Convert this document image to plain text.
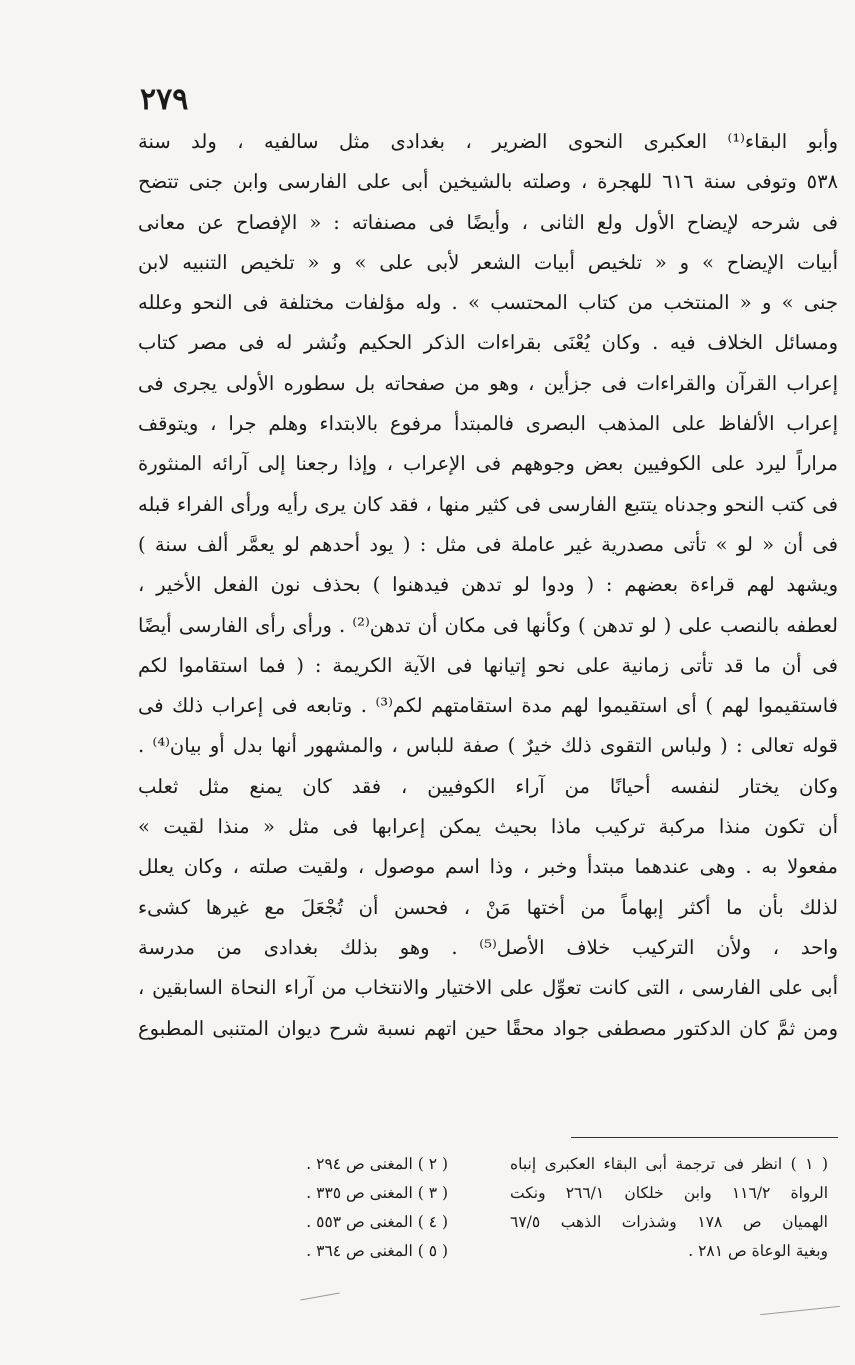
٢٧٩
وأبو البقاء⁽¹⁾ العكبرى النحوى الضرير ، بغدادى مثل سالفيه ، ولد سنة
٥٣٨ وتوفى سنة ٦١٦ للهجرة ، وصلته بالشيخين أبى على الفارسى وابن جنى تتضح
فى شرحه لإيضاح الأول ولع الثانى ، وأيضًا فى مصنفاته : « الإفصاح عن معانى
أبيات الإيضاح » و « تلخيص أبيات الشعر لأبى على » و « تلخيص التنبيه لابن
جنى » و « المنتخب من كتاب المحتسب » . وله مؤلفات مختلفة فى النحو وعلله
ومسائل الخلاف فيه . وكان يُعْنَى بقراءات الذكر الحكيم ونُشر له فى مصر كتاب
إعراب القرآن والقراءات فى جزأين ، وهو من صفحاته بل سطوره الأولى يجرى فى
إعراب الألفاظ على المذهب البصرى فالمبتدأ مرفوع بالابتداء وهلم جرا ، ويتوقف
مراراً ليرد على الكوفيين بعض وجوههم فى الإعراب ، وإذا رجعنا إلى آرائه المنثورة
فى كتب النحو وجدناه يتتبع الفارسى فى كثير منها ، فقد كان يرى رأيه ورأى الفراء قبله
فى أن « لو » تأتى مصدرية غير عاملة فى مثل : ( يود أحدهم لو يعمَّر ألف سنة )
ويشهد لهم قراءة بعضهم : ( ودوا لو تدهن فيدهنوا ) بحذف نون الفعل الأخير ،
لعطفه بالنصب على ( لو تدهن ) وكأنها فى مكان أن تدهن⁽²⁾ . ورأى رأى الفارسى أيضًا
فى أن ما قد تأتى زمانية على نحو إتيانها فى الآية الكريمة : ( فما استقاموا لكم
فاستقيموا لهم ) أى استقيموا لهم مدة استقامتهم لكم⁽³⁾ . وتابعه فى إعراب ذلك فى
قوله تعالى : ( ولباس التقوى ذلك خيرٌ ) صفة للباس ، والمشهور أنها بدل أو بيان⁽⁴⁾ .
وكان يختار لنفسه أحيانًا من آراء الكوفيين ، فقد كان يمنع مثل ثعلب
أن تكون منذا مركبة تركيب ماذا بحيث يمكن إعرابها فى مثل « منذا لقيت »
مفعولا به . وهى عندهما مبتدأ وخبر ، وذا اسم موصول ، ولقيت صلته ، وكان يعلل
لذلك بأن ما أكثر إبهاماً من أختها مَنْ ، فحسن أن تُجْعَلَ مع غيرها كشىء
واحد ، ولأن التركيب خلاف الأصل⁽⁵⁾ . وهو بذلك بغدادى من مدرسة
أبى على الفارسى ، التى كانت تعوِّل على الاختيار والانتخاب من آراء النحاة السابقين ،
ومن ثمَّ كان الدكتور مصطفى جواد محقًا حين اتهم نسبة شرح ديوان المتنبى المطبوع
( ١ ) انظر فى ترجمة أبى البقاء العكبرى إنباه
الرواة ١١٦/٢ وابن خلكان ٢٦٦/١ ونكت
الهميان ص ١٧٨ وشذرات الذهب ٦٧/٥
وبغية الوعاة ص ٢٨١ .
( ٢ ) المغنى ص ٢٩٤ .
( ٣ ) المغنى ص ٣٣٥ .
( ٤ ) المغنى ص ٥٥٣ .
( ٥ ) المغنى ص ٣٦٤ .
